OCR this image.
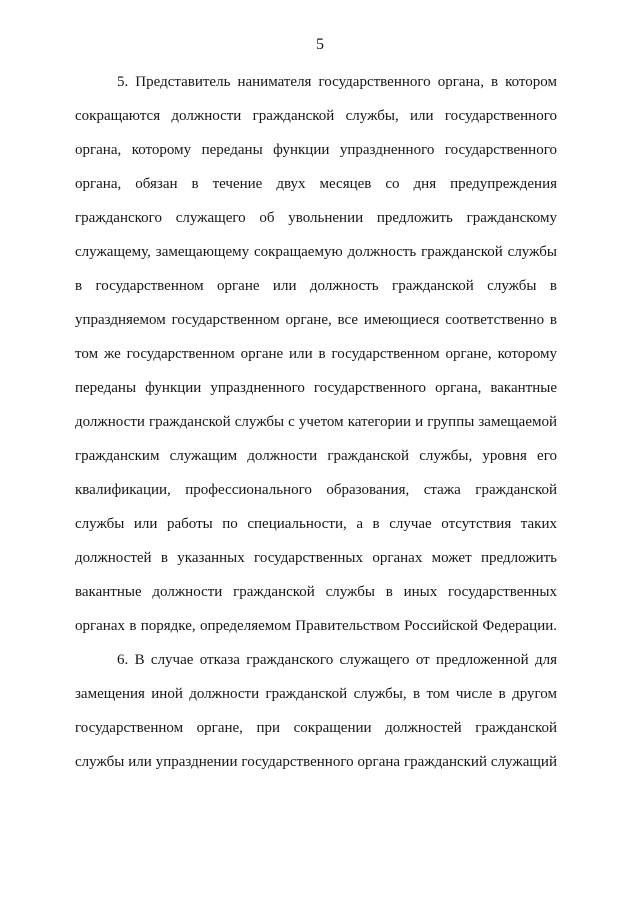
5

5. Представитель нанимателя государственного органа, в котором
сокращаются должности гражданской службы, или государственного
органа, которому переданы функции упраздненного государственного
органа, обязан в течение двух месяцев со дня предупреждения
гражданского служащего об увольнении предложить гражданскому
служащему, замещающему сокращаемую должность гражданской службы
в государственном органе или должность гражданской службы в
упраздняемом государственном органе, все имеющиеся соответственно в
том же государственном органе или в государственном органе, которому
переданы функции упраздненного государственного органа, вакантные
должности гражданской службы с учетом категории и группы замещаемой
гражданским служащим должности гражданской службы, уровня его
квалификации, профессионального образования, стажа гражданской
службы или работы по специальности, а в случае отсутствия таких
должностей в указанных государственных органах может предложить
вакантные должности гражданской службы в иных государственных
органах в порядке, определяемом Правительством Российской Федерации.

6. В случае отказа гражданского служащего от предложенной для
замещения иной должности гражданской службы, в том числе в другом
государственном органе, при сокращении должностей гражданской
службы или упразднении государственного органа гражданский служащий
